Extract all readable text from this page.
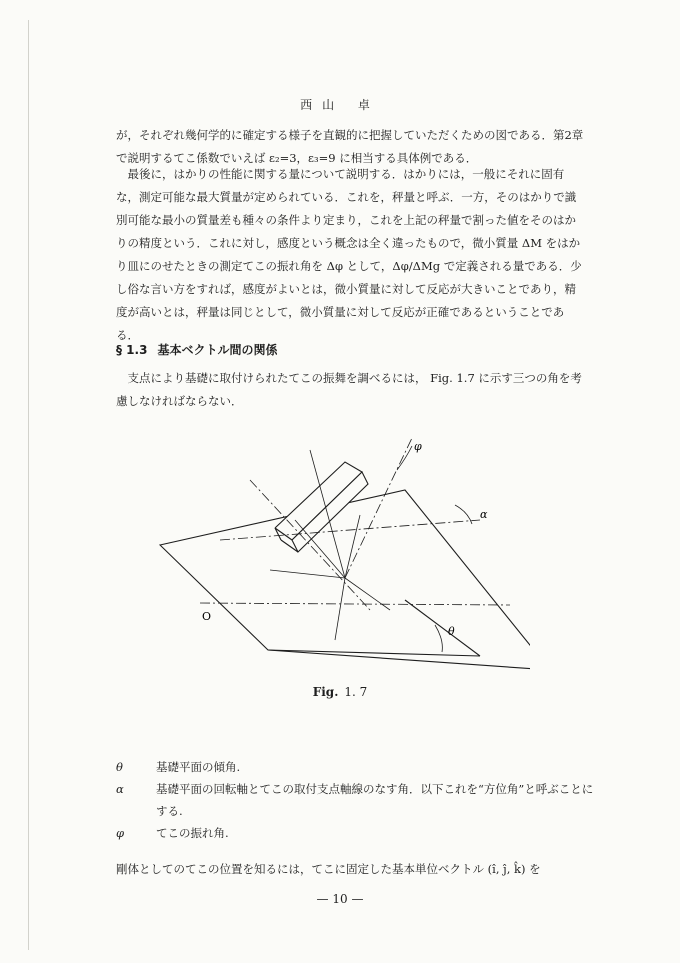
西山 卓

が，それぞれ幾何学的に確定する様子を直観的に把握していただくための図である．第2章で説明するてこ係数でいえば ε₂=3，ε₃=9 に相当する具体例である．

最後に，はかりの性能に関する量について説明する．はかりには，一般にそれに固有な，測定可能な最大質量が定められている．これを，秤量と呼ぶ．一方，そのはかりで識別可能な最小の質量差も種々の条件より定まり，これを上記の秤量で割った値をそのはかりの精度という．これに対し，感度という概念は全く違ったもので，微小質量 ΔM をはかり皿にのせたときの測定てこの振れ角を Δφ として，Δφ/ΔMg で定義される量である．少し俗な言い方をすれば，感度がよいとは，微小質量に対して反応が大きいことであり，精度が高いとは，秤量は同じとして，微小質量に対して反応が正確であるということである．

§ 1.3 基本ベクトル間の関係

支点により基礎に取付けられたてこの振舞を調べるには， Fig. 1.7 に示す三つの角を考慮しなければならない．

φ
α
θ
O
Fig. 1. 7
θ	基礎平面の傾角.
α	基礎平面の回転軸とてこの取付支点軸線のなす角．以下これを“方位角”と呼ぶことにする.
φ	てこの振れ角.

剛体としてのてこの位置を知るには，てこに固定した基本単位ベクトル (î, ĵ, k̂) を

— 10 —
